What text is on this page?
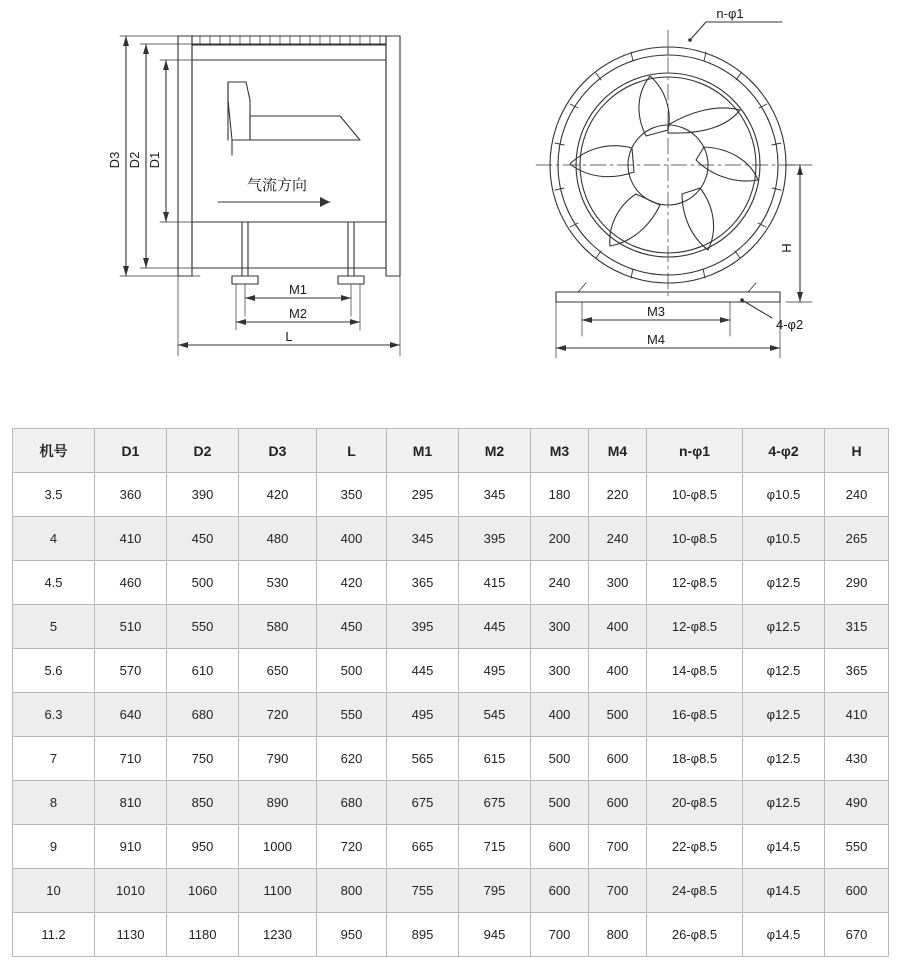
D3 D2 D1
M1
M2
L
气流方向
H
M3
M4
n-φ1
4-φ2
机号	D1	D2	D3	L	M1	M2	M3	M4	n-φ1	4-φ2	H
3.5	360	390	420	350	295	345	180	220	10-φ8.5	φ10.5	240
4	410	450	480	400	345	395	200	240	10-φ8.5	φ10.5	265
4.5	460	500	530	420	365	415	240	300	12-φ8.5	φ12.5	290
5	510	550	580	450	395	445	300	400	12-φ8.5	φ12.5	315
5.6	570	610	650	500	445	495	300	400	14-φ8.5	φ12.5	365
6.3	640	680	720	550	495	545	400	500	16-φ8.5	φ12.5	410
7	710	750	790	620	565	615	500	600	18-φ8.5	φ12.5	430
8	810	850	890	680	675	675	500	600	20-φ8.5	φ12.5	490
9	910	950	1000	720	665	715	600	700	22-φ8.5	φ14.5	550
10	1010	1060	1100	800	755	795	600	700	24-φ8.5	φ14.5	600
11.2	1130	1180	1230	950	895	945	700	800	26-φ8.5	φ14.5	670
